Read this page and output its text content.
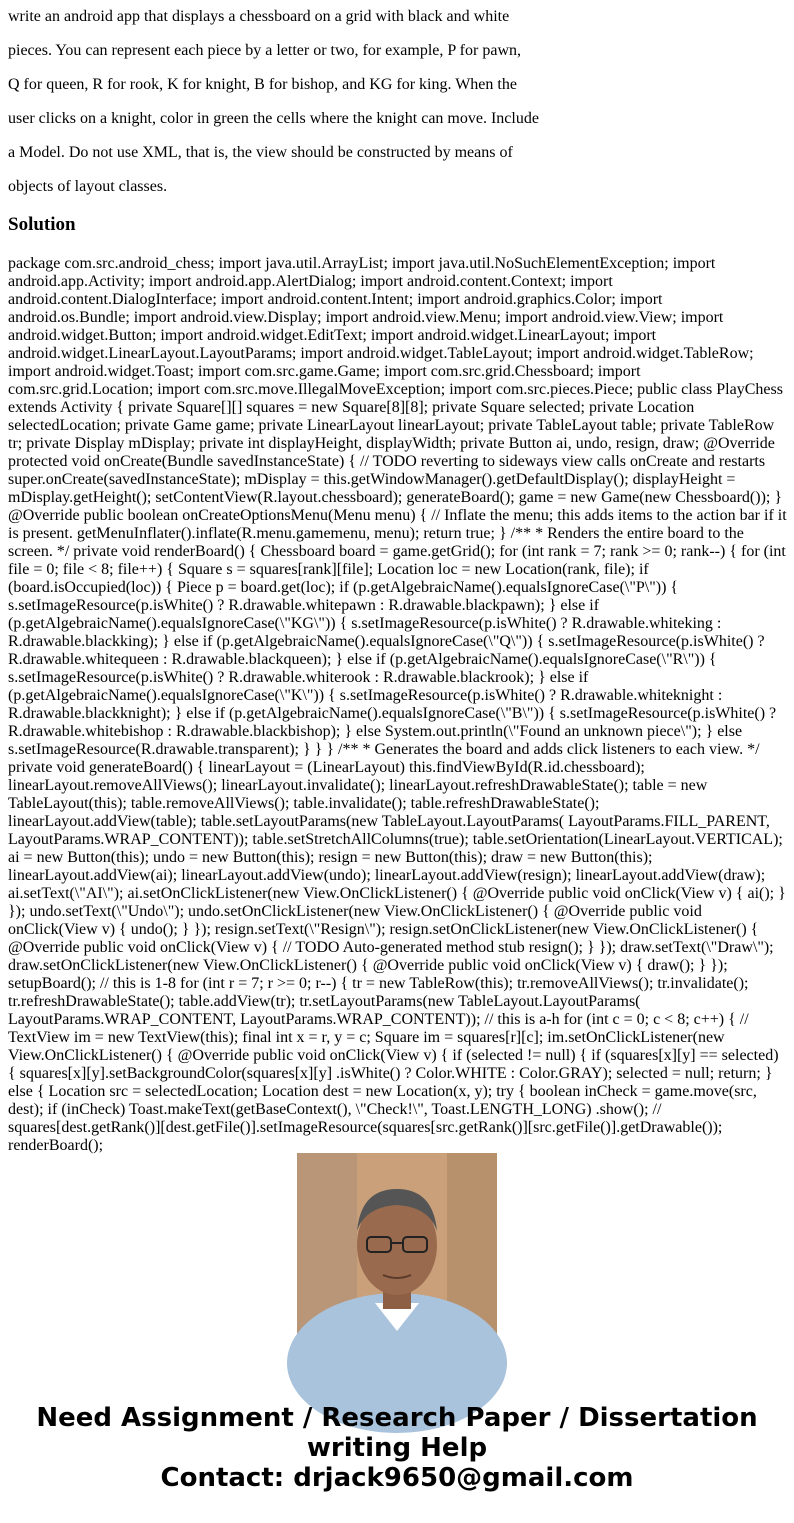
write an android app that displays a chessboard on a grid with black and white
pieces. You can represent each piece by a letter or two, for example, P for pawn,
Q for queen, R for rook, K for knight, B for bishop, and KG for king. When the
user clicks on a knight, color in green the cells where the knight can move. Include
a Model. Do not use XML, that is, the view should be constructed by means of
objects of layout classes.
Solution

package com.src.android_chess; import java.util.ArrayList; import java.util.NoSuchElementException; import android.app.Activity; import android.app.AlertDialog; import android.content.Context; import android.content.DialogInterface; import android.content.Intent; import android.graphics.Color; import android.os.Bundle; import android.view.Display; import android.view.Menu; import android.view.View; import android.widget.Button; import android.widget.EditText; import android.widget.LinearLayout; import android.widget.LinearLayout.LayoutParams; import android.widget.TableLayout; import android.widget.TableRow; import android.widget.Toast; import com.src.game.Game; import com.src.grid.Chessboard; import com.src.grid.Location; import com.src.move.IllegalMoveException; import com.src.pieces.Piece; public class PlayChess extends Activity { private Square[][] squares = new Square[8][8]; private Square selected; private Location selectedLocation; private Game game; private LinearLayout linearLayout; private TableLayout table; private TableRow tr; private Display mDisplay; private int displayHeight, displayWidth; private Button ai, undo, resign, draw; @Override protected void onCreate(Bundle savedInstanceState) { // TODO reverting to sideways view calls onCreate and restarts super.onCreate(savedInstanceState); mDisplay = this.getWindowManager().getDefaultDisplay(); displayHeight = mDisplay.getHeight(); setContentView(R.layout.chessboard); generateBoard(); game = new Game(new Chessboard()); } @Override public boolean onCreateOptionsMenu(Menu menu) { // Inflate the menu; this adds items to the action bar if it is present. getMenuInflater().inflate(R.menu.gamemenu, menu); return true; } /** * Renders the entire board to the screen. */ private void renderBoard() { Chessboard board = game.getGrid(); for (int rank = 7; rank >= 0; rank--) { for (int file = 0; file < 8; file++) { Square s = squares[rank][file]; Location loc = new Location(rank, file); if (board.isOccupied(loc)) { Piece p = board.get(loc); if (p.getAlgebraicName().equalsIgnoreCase(\"P\")) { s.setImageResource(p.isWhite() ? R.drawable.whitepawn : R.drawable.blackpawn); } else if (p.getAlgebraicName().equalsIgnoreCase(\"KG\")) { s.setImageResource(p.isWhite() ? R.drawable.whiteking : R.drawable.blackking); } else if (p.getAlgebraicName().equalsIgnoreCase(\"Q\")) { s.setImageResource(p.isWhite() ? R.drawable.whitequeen : R.drawable.blackqueen); } else if (p.getAlgebraicName().equalsIgnoreCase(\"R\")) { s.setImageResource(p.isWhite() ? R.drawable.whiterook : R.drawable.blackrook); } else if (p.getAlgebraicName().equalsIgnoreCase(\"K\")) { s.setImageResource(p.isWhite() ? R.drawable.whiteknight : R.drawable.blackknight); } else if (p.getAlgebraicName().equalsIgnoreCase(\"B\")) { s.setImageResource(p.isWhite() ? R.drawable.whitebishop : R.drawable.blackbishop); } else System.out.println(\"Found an unknown piece\"); } else s.setImageResource(R.drawable.transparent); } } } /** * Generates the board and adds click listeners to each view. */ private void generateBoard() { linearLayout = (LinearLayout) this.findViewById(R.id.chessboard); linearLayout.removeAllViews(); linearLayout.invalidate(); linearLayout.refreshDrawableState(); table = new TableLayout(this); table.removeAllViews(); table.invalidate(); table.refreshDrawableState(); linearLayout.addView(table); table.setLayoutParams(new TableLayout.LayoutParams( LayoutParams.FILL_PARENT, LayoutParams.WRAP_CONTENT)); table.setStretchAllColumns(true); table.setOrientation(LinearLayout.VERTICAL); ai = new Button(this); undo = new Button(this); resign = new Button(this); draw = new Button(this); linearLayout.addView(ai); linearLayout.addView(undo); linearLayout.addView(resign); linearLayout.addView(draw); ai.setText(\"AI\"); ai.setOnClickListener(new View.OnClickListener() { @Override public void onClick(View v) { ai(); } }); undo.setText(\"Undo\"); undo.setOnClickListener(new View.OnClickListener() { @Override public void onClick(View v) { undo(); } }); resign.setText(\"Resign\"); resign.setOnClickListener(new View.OnClickListener() { @Override public void onClick(View v) { // TODO Auto-generated method stub resign(); } }); draw.setText(\"Draw\"); draw.setOnClickListener(new View.OnClickListener() { @Override public void onClick(View v) { draw(); } }); setupBoard(); // this is 1-8 for (int r = 7; r >= 0; r--) { tr = new TableRow(this); tr.removeAllViews(); tr.invalidate(); tr.refreshDrawableState(); table.addView(tr); tr.setLayoutParams(new TableLayout.LayoutParams( LayoutParams.WRAP_CONTENT, LayoutParams.WRAP_CONTENT)); // this is a-h for (int c = 0; c < 8; c++) { // TextView im = new TextView(this); final int x = r, y = c; Square im = squares[r][c]; im.setOnClickListener(new View.OnClickListener() { @Override public void onClick(View v) { if (selected != null) { if (squares[x][y] == selected) { squares[x][y].setBackgroundColor(squares[x][y] .isWhite() ? Color.WHITE : Color.GRAY); selected = null; return; } else { Location src = selectedLocation; Location dest = new Location(x, y); try { boolean inCheck = game.move(src, dest); if (inCheck) Toast.makeText(getBaseContext(), \"Check!\", Toast.LENGTH_LONG) .show(); // squares[dest.getRank()][dest.getFile()].setImageResource(squares[src.getRank()][src.getFile()].getDrawable()); renderBoard();

Need Assignment / Research Paper / Dissertation
writing Help
Contact: drjack9650@gmail.com
